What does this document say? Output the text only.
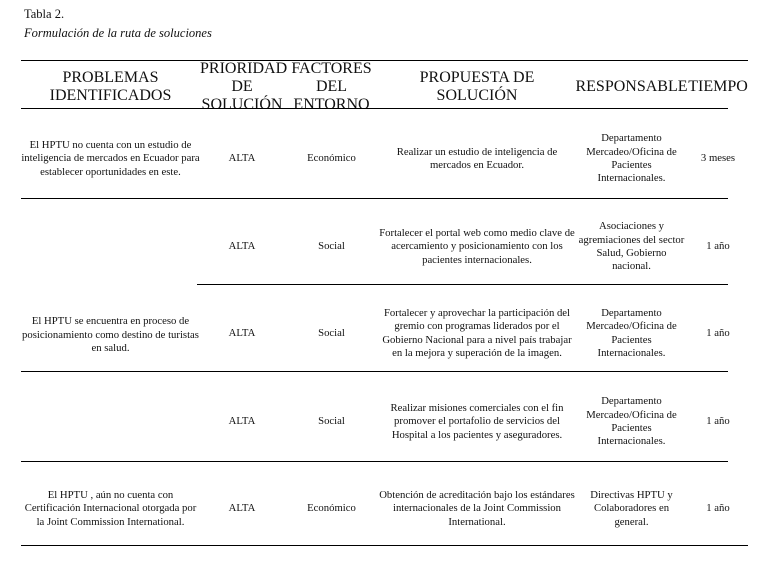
Tabla 2.
Formulación de la ruta de soluciones
PROBLEMAS IDENTIFICADOS	PRIORIDAD DE SOLUCIÓN	FACTORES DEL ENTORNO	PROPUESTA DE SOLUCIÓN	RESPONSABLE	TIEMPO
El HPTU no cuenta con un estudio de inteligencia de mercados en Ecuador para establecer oportunidades en este.	ALTA	Económico	Realizar un estudio de inteligencia de mercados en Ecuador.	Departamento Mercadeo/Oficina de Pacientes Internacionales.	3 meses
El HPTU se encuentra en proceso de posicionamiento como destino de turistas en salud.	ALTA	Social	Fortalecer el portal web como medio clave de acercamiento y posicionamiento con los pacientes internacionales.	Asociaciones y agremiaciones del sector Salud, Gobierno nacional.	1 año
	ALTA	Social	Fortalecer y aprovechar la participación del gremio con programas liderados por el Gobierno Nacional para a nivel país trabajar en la mejora y superación de la imagen.	Departamento Mercadeo/Oficina de Pacientes Internacionales.	1 año
	ALTA	Social	Realizar misiones comerciales con el fin promover el portafolio de servicios del Hospital a los pacientes y aseguradores.	Departamento Mercadeo/Oficina de Pacientes Internacionales.	1 año
El HPTU , aún no cuenta con Certificación Internacional otorgada por la Joint Commission International.	ALTA	Económico	Obtención de acreditación bajo los estándares internacionales de la Joint Commission International.	Directivas HPTU y Colaboradores en general.	1 año
